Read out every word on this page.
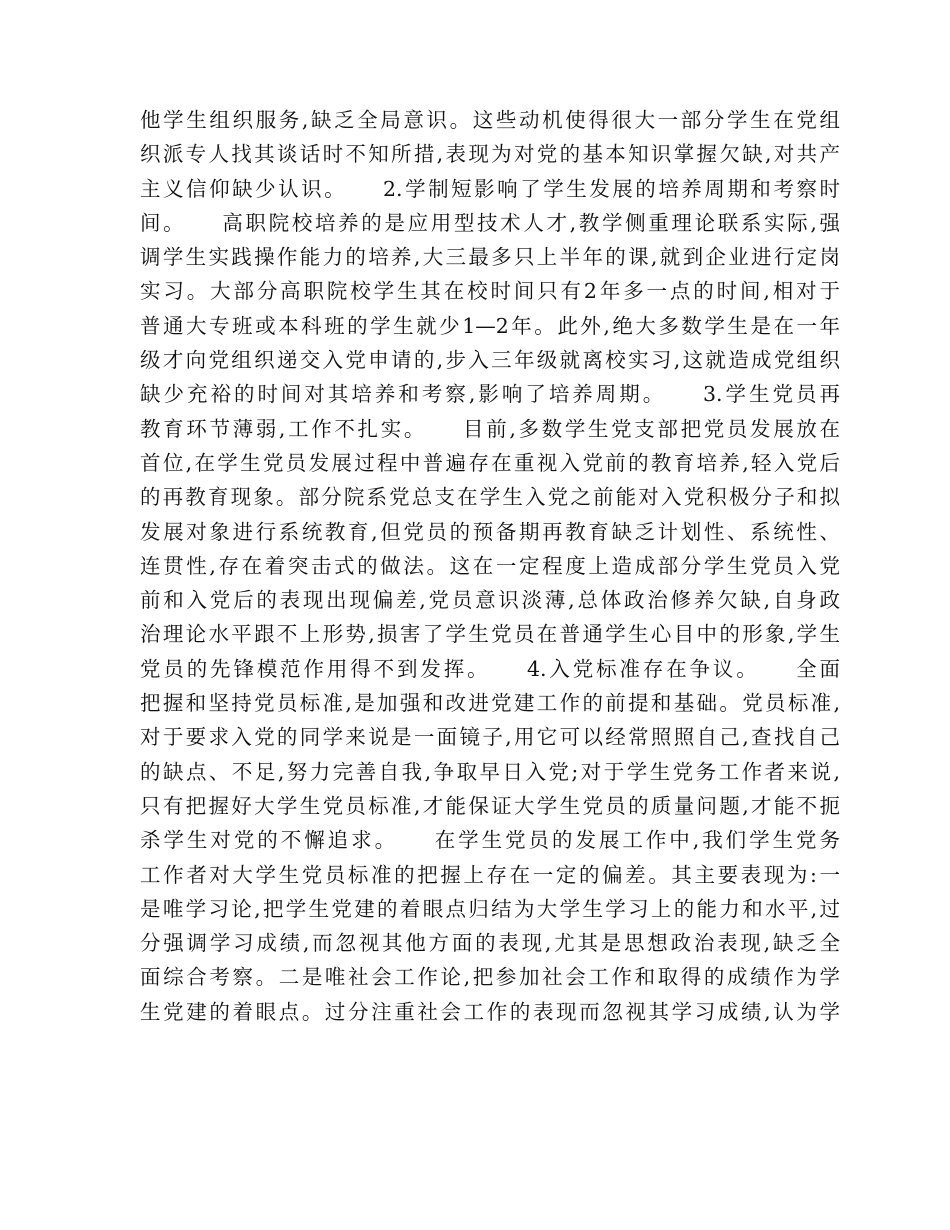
他学生组织服务,缺乏全局意识。这些动机使得很大一部分学生在党组
织派专人找其谈话时不知所措,表现为对党的基本知识掌握欠缺,对共产
主义信仰缺少认识。　　2.学制短影响了学生发展的培养周期和考察时
间。　　高职院校培养的是应用型技术人才,教学侧重理论联系实际,强
调学生实践操作能力的培养,大三最多只上半年的课,就到企业进行定岗
实习。大部分高职院校学生其在校时间只有2年多一点的时间,相对于
普通大专班或本科班的学生就少1—2年。此外,绝大多数学生是在一年
级才向党组织递交入党申请的,步入三年级就离校实习,这就造成党组织
缺少充裕的时间对其培养和考察,影响了培养周期。　　3.学生党员再
教育环节薄弱,工作不扎实。　　目前,多数学生党支部把党员发展放在
首位,在学生党员发展过程中普遍存在重视入党前的教育培养,轻入党后
的再教育现象。部分院系党总支在学生入党之前能对入党积极分子和拟
发展对象进行系统教育,但党员的预备期再教育缺乏计划性、系统性、
连贯性,存在着突击式的做法。这在一定程度上造成部分学生党员入党
前和入党后的表现出现偏差,党员意识淡薄,总体政治修养欠缺,自身政
治理论水平跟不上形势,损害了学生党员在普通学生心目中的形象,学生
党员的先锋模范作用得不到发挥。　　4.入党标准存在争议。　　全面
把握和坚持党员标准,是加强和改进党建工作的前提和基础。党员标准,
对于要求入党的同学来说是一面镜子,用它可以经常照照自己,查找自己
的缺点、不足,努力完善自我,争取早日入党;对于学生党务工作者来说,
只有把握好大学生党员标准,才能保证大学生党员的质量问题,才能不扼
杀学生对党的不懈追求。　　在学生党员的发展工作中,我们学生党务
工作者对大学生党员标准的把握上存在一定的偏差。其主要表现为:一
是唯学习论,把学生党建的着眼点归结为大学生学习上的能力和水平,过
分强调学习成绩,而忽视其他方面的表现,尤其是思想政治表现,缺乏全
面综合考察。二是唯社会工作论,把参加社会工作和取得的成绩作为学
生党建的着眼点。过分注重社会工作的表现而忽视其学习成绩,认为学
